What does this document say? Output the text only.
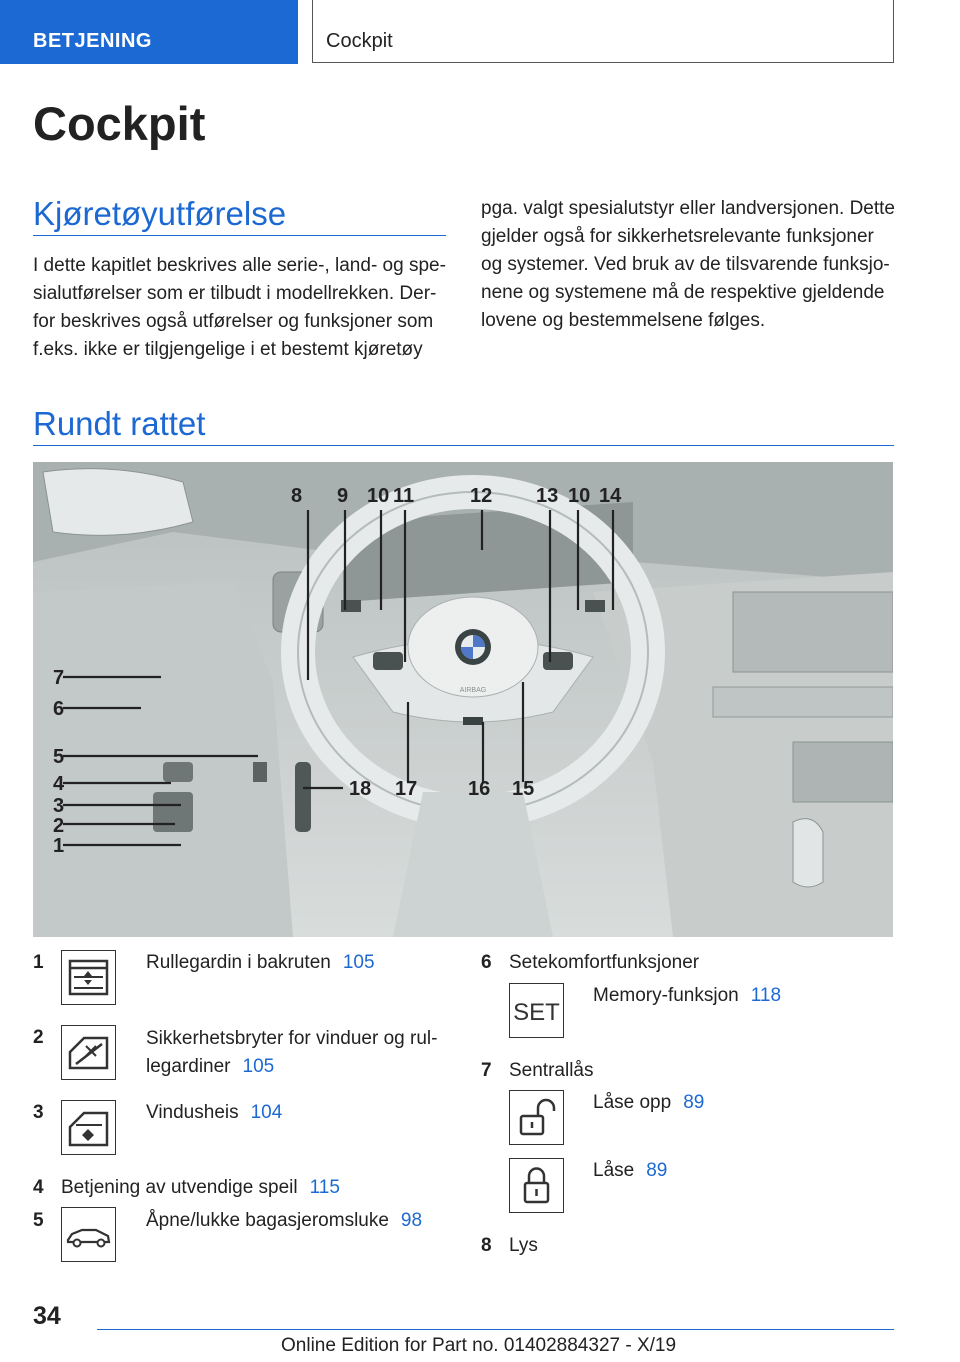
BETJENING	Cockpit
Cockpit
Kjøretøyutførelse
I dette kapitlet beskrives alle serie-, land- og spe-
sialutførelser som er tilbudt i modellrekken. Der-
for beskrives også utførelser og funksjoner som
f.eks. ikke er tilgjengelige i et bestemt kjøretøy
pga. valgt spesialutstyr eller landversjonen. Dette
gjelder også for sikkerhetsrelevante funksjoner
og systemer. Ved bruk av de tilsvarende funksjo-
nene og systemene må de respektive gjeldende
lovene og bestemmelsene følges.
Rundt rattet
AIRBAG
8 9 10 11	12 13 10 14
7
6
5
4
3
2
1
18 17	16 15
1	Rullegardin i bakruten 105
2	Sikkerhetsbryter for vinduer og rul-
legardiner 105
3	Vindusheis 104
4 Betjening av utvendige speil 115
5	Åpne/lukke bagasjeromsluke 98
6 Setekomfortfunksjoner
SET
Memory-funksjon 118
7 Sentrallås
Låse opp 89
Låse 89
8 Lys
34
Online Edition for Part no. 01402884327 - X/19
